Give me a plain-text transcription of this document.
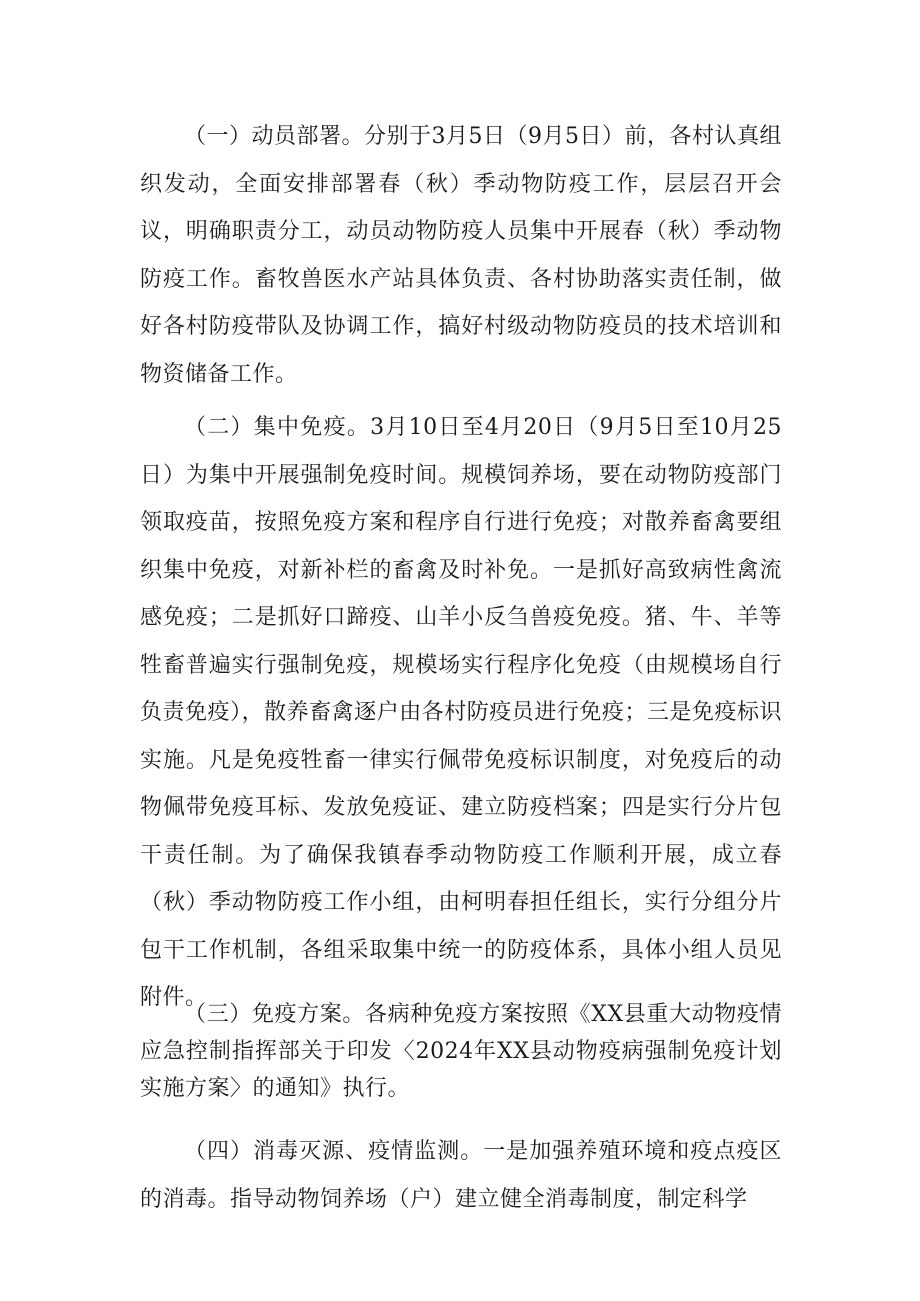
（一）动员部署。分别于3月5日（9月5日）前，各村认真组织发动，全面安排部署春（秋）季动物防疫工作，层层召开会议，明确职责分工，动员动物防疫人员集中开展春（秋）季动物防疫工作。畜牧兽医水产站具体负责、各村协助落实责任制，做好各村防疫带队及协调工作，搞好村级动物防疫员的技术培训和物资储备工作。

（二）集中免疫。3月10日至4月20日（9月5日至10月25日）为集中开展强制免疫时间。规模饲养场，要在动物防疫部门领取疫苗，按照免疫方案和程序自行进行免疫；对散养畜禽要组织集中免疫，对新补栏的畜禽及时补免。一是抓好高致病性禽流感免疫；二是抓好口蹄疫、山羊小反刍兽疫免疫。猪、牛、羊等牲畜普遍实行强制免疫，规模场实行程序化免疫（由规模场自行负责免疫），散养畜禽逐户由各村防疫员进行免疫；三是免疫标识实施。凡是免疫牲畜一律实行佩带免疫标识制度，对免疫后的动物佩带免疫耳标、发放免疫证、建立防疫档案；四是实行分片包干责任制。为了确保我镇春季动物防疫工作顺利开展，成立春（秋）季动物防疫工作小组，由柯明春担任组长，实行分组分片包干工作机制，各组采取集中统一的防疫体系，具体小组人员见附件。

（三）免疫方案。各病种免疫方案按照《XX县重大动物疫情应急控制指挥部关于印发〈2024年XX县动物疫病强制免疫计划实施方案〉的通知》执行。

（四）消毒灭源、疫情监测。一是加强养殖环境和疫点疫区的消毒。指导动物饲养场（户）建立健全消毒制度，制定科学
